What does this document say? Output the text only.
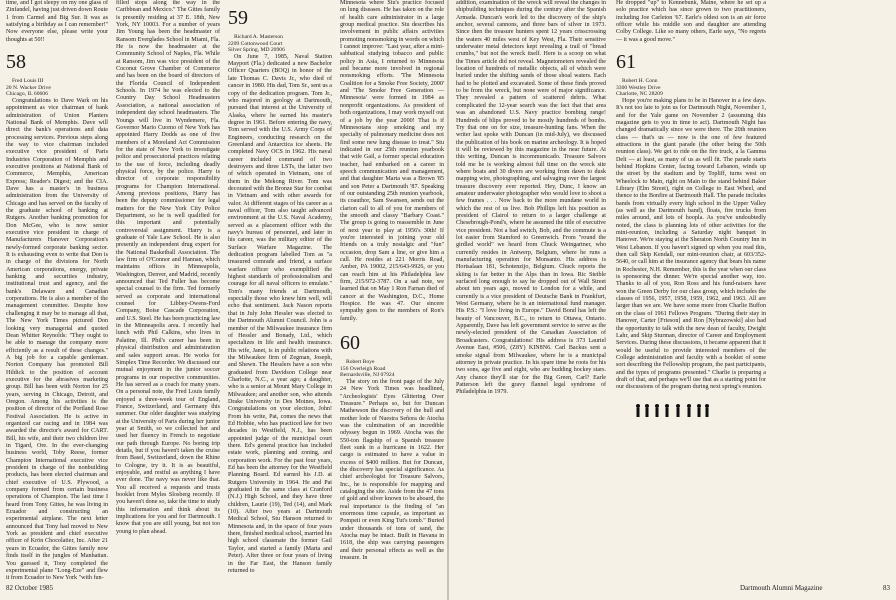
time, and I got sleepy on my one glass of Zinfandel, having just driven down Route 1 from Carmel and Big Sur. It was as satisfying a birthday as I can remember!" Now everyone else, please write your thoughts at 50!!

58

Fred Louis III
20 N. Wacker Drive
Chicago, IL 60606

Congratulations to Dave Wark on his appointment as vice chairman of bank administration of Union Planters National Bank of Memphis. Dave will direct the bank's operations and data processing services. Previous steps along the way to vice chairman included executive vice president of Paris Industries Corporation of Memphis and executive positions at National Bank of Commerce, Memphis, American Express; Reader's Digest; and the CIA. Dave has a master's in business administration from the University of Chicago and has served on the faculty of the graduate school of banking at Rutgers. Another banking promotion for Don McGee, who is now senior executive vice president in charge of Manufacturers Hanover Corporation's newly-formed corporate banking sector. It is exhausting even to write that Don is in charge of the divisions for North American corporations, energy, private banking and securities industry, institutional trust and agency, and the bank's Delaware and Canadian corporations. He is also a member of the management committee. Despite how challenging it may be to manage all that, The New York Times pictured Don looking very managerial and quoted Dean Whitter Reynolds: "They ought to be able to manage the company more efficiently as a result of these changes." A big job for a capable gentleman. Norton Company has promoted Bill Hildick to the position of account executive for the abrasives marketing group. Bill has been with Norton for 25 years, serving in Chicago, Detroit, and Oregon. Among his activities is the position of director of the Portland Rose Festival Association. He is active in organized car racing and in 1984 was awarded the director's award for CART. Bill, his wife, and their two children live in Tigard, Ore. In the ever-changing business world, Toby Reese, former Champion International executive vice president in charge of the nonbuilding products, has been elected chairman and chief executive of U.S. Plywood, a company formed from certain business operations of Champion. The last time I heard from Tony Gittes, he was living in Ecuador and constructing an experimental airplane. The next letter announced that Tony had moved to New York as president and chief executive officer of Krön Chocolatier, Inc. After 21 years in Ecuador, the Gittes family now finds itself in the jungles of Manhattan. You guessed it, Tony completed the experimental plane "Long-Eze" and flew it from Ecuador to New York "with fun-

filled stops along the way in the Caribbean and Mexico." The Gittes family is presently residing at 37 E. 18th, New York, NY 10003. For a number of years Jim Young has been the headmaster of Ransom Everglades School in Miami, Fla. He is now the headmaster at the Community School of Naples, Fla. While at Ransom, Jim was vice president of the Coconut Grove Chamber of Commerce and has been on the board of directors of the Florida Council of Independent Schools. In 1974 he was elected to the Country Day School Headmasters Association, a national association of independent day school headmasters. The Youngs will live in Wyndemere, Fla. Governor Mario Cuomo of New York has appointed Harry Dodds as one of five members of a Moreland Act Commission for the state of New York to investigate police and prosecutorial practices relating to the use of force, including deadly physical force, by the police. Harry is director of corporate responsibility programs for Champion International. Among previous positions, Harry has been the deputy commissioner for legal matters for the New York City Police Department, so he is well qualified for this important and potentially controversial assignment. Harry is a graduate of Yale Law School. He is also presently an independent drug expert for the National Basketball Association. The law firm of O'Connor and Hannan, which maintains offices in Minneapolis, Washington, Denver, and Madrid, recently announced that Ted Fuller has become special counsel to the firm. Ted formerly served as corporate and international counsel for Libbey-Owens-Ford Company, Boise Cascade Corporation, and U.S. Steel. He has been practicing law in the Minneapolis area. I recently had lunch with Phil Calkins, who lives in Palatine, Ill. Phil's career has been in physical distribution and administration and sales support areas. He works for Simplex Time Recorder. We discussed our mutual enjoyment in the junior soccer programs in our respective communities. He has served as a coach for many years. On a personal note, the Fred Louis family enjoyed a three-week tour of England, France, Switzerland, and Germany this summer. Our older daughter was studying at the University of Paris during her junior year at Smith, so we collected her and used her fluency in French to negotiate our path through Europe. No boring trip details, but if you haven't taken the cruise from Basel, Switzerland, down the Rhine to Cologne, try it. It is as beautiful, enjoyable, and restful as anything I have ever done. The navy was never like that. You all received a requests and trusts booklet from Myles Slosberg recently. If you haven't done so, take the time to study this information and think about its implications for you and for Dartmouth. I know that you are still young, but not too young to plan ahead.

59

Richard A. Masterson
2209 Cottonwood Court
Silver Spring, MD 20906

On June 7, 1985, Naval Station Mayport (Fla.) dedicated a new Bachelor Officer Quarters (BOQ) in honor of the late Thomas C. Davis Jr., who died of cancer in 1980. His dad, Tom Sr., sent us a copy of the dedication program. Tom Jr., who majored in geology at Dartmouth, pursued that interest at the University of Alaska, where he earned his master's degree in 1961. Before entering the navy, Tom served with the U.S. Army Corps of Engineers, conducting research on the Greenland and Antarctica ice sheets. He completed Navy OCS in 1962. His naval career included command of two destroyers and three LSTs, the latter two of which operated in Vietnam, one of them in the Mekong River. Tom was decorated with the Bronze Star for combat in Vietnam and with other awards for valor. At different stages of his career as a naval officer, Tom also taught advanced environment at the U.S. Naval Academy, served as a placement officer with the navy's bureau of personnel, and later in his career, was the military editor of the Surface Warfare Magazine. The dedication program labelled Tom as "a treasured comrade and friend, a surface warfare officer who exemplified the highest standards of professionalism and courage for all naval officers to emulate." Tom's many friends at Dartmouth, especially those who knew him well, will echo that sentiment. Jack Nason reports that in July John Hessler was elected to the Dartmouth Alumni Council. John is a member of the Milwaukee insurance firm of Hessler and Bonady, Ltd., which specializes in life and health insurance. His wife, Janet, is in public relations with the Milwaukee firm of Zegman, Joseph, and Shewn. The Hesslers have a son who graduated from Davidson College near Charlotte, N.C., a year ago; a daughter, who is a senior at Mount Mary College in Milwaukee; and another son, who attends Drake University in Des Moines, Iowa. Congratulations on your election, John! From his write, Pat, comes the news that Ed Hobbie, who has practiced law for two decades in Westfield, N.J., has been appointed judge of the municipal court there. Ed's general practice has included estate work, planning and zoning, and corporation work. For the past four years, Ed has been the attorney for the Westfield Planning Board. Ed earned his J.D. at Rutgers University in 1964. He and Pat graduated in the same class at Cranford (N.J.) High School, and they have three children, Laurie (19), Ted (14), and Mark (10). After two years at Dartmouth Medical School, Stu Hanson returned to Minnesota and, in the space of four years there, finished medical school, married his high school classmate the former Gail Taylor, and started a family (Marta and Peter). After three or four years of living in the Far East, the Hanson family returned to

Minnesota where Stu's practice focused on lung diseases. He has taken on the role of health care administrator in a large group medical practice. Stu describes his involvement in public affairs activities promoting nonsmoking in words on which I cannot improve: "Last year, after a mini-sabbatical studying tobacco and public policy in Asia, I returned to Minnesota and became more involved in regional nonsmoking efforts. 'The Minnesota Coalition for a Smoke Free Society, 2000' and 'The Smoke Free Generation — Minnesota' were formed in 1984 as nonprofit organizations. As president of both organizations, I may work myself out of a job by the year 2000! That is if Minnesotans stop smoking and my specialty of pulmonary medicine does not find some new lung disease to treat." Stu indicated in our 25th reunion yearbook that wife Gail, a former special education teacher, had embarked on a career in speech communication and management, and that daughter Marta was a Brown '85 and son Peter a Dartmouth '87. Speaking of our outstanding 25th reunion yearbook, its coauthor, Sam Swansen, sends out the clarion call to all of you for members of the smooth and classy "Barbary Coast." The group is going to reassemble in June of next year to play at 1956's 30th! If you're interested in joining your old friends on a truly nostalgic and "fun" occasion, drop Sam a line, or give him a call. He resides at 221 Morris Road, Amber, PA 19002, 215/643-9926, or you can reach him at his Philadelphia law firm, 215/972-3787. On a sad note, we learned that on May 1 Ron Farnan died of cancer at the Washington, D.C., Home Hospice. He was 47. Our sincere sympathy goes to the members of Ron's family.

60

Robert Boye
156 Overleigh Road
Bernardsville, NJ 07924

The story on the front page of the July 24 New York Times was headlined, "Archeologists' Eyes Glittering Over Treasure." Perhaps so, but for Duncan Mathewson the discovery of the hull and mother lode of Nuestra Señora de Atocha was the culmination of an incredible odyssey begun in 1969. Atocha was the 550-ton flagship of a Spanish treasure fleet sunk in a hurricane in 1622. Her cargo is estimated to have a value in excess of $400 million. But for Duncan, the discovery has special significance. As chief archeologist for Treasure Salvors, Inc., he is responsible for mapping and cataloging the site. Aside from the 47 tons of gold and silver known to be aboard, the real importance is the finding of "an enormous time capsule, as important as Pompeii or even King Tut's tomb." Buried under thousands of tons of sand, the Atocha may be intact. Built in Havana in 1618, the ship was carrying passengers and their personal effects as well as the treasure. In

82 October 1985

addition, examination of the wreck will reveal the changes in shipbuilding techniques during the century after the Spanish Armada. Duncan's work led to the discovery of the ship's anchor, several cannons, and three bars of silver in 1973. Since then the treasure hunters spent 12 years crisscrossing the waters 40 miles west of Key West, Fla. Their sensitive underwater metal detectors kept revealing a trail of "bread crumbs," but not the wreck itself. Here is a scoop on what the Times article did not reveal. Magnetometers revealed the location of hundreds of metallic objects, all of which were buried under the shifting sands of those shoal waters. Each had to be plotted and excavated. Some of these finds proved to be from the wreck, but none were of major significance. They revealed a pattern of scattered debris. What complicated the 12-year search was the fact that that area was an abandoned U.S. Navy practice bombing range! Hundreds of blips proved to be mostly hundreds of bombs. Try that one on for size, treasure-hunting fans. When the writer last spoke with Duncan (in mid-July), we discussed the publication of his book on marine archeology. It is hoped it will be reviewed by this magazine in the near future. At this writing, Duncan is incommunicado. Treasure Salvors told me he is working almost full time on the wreck site where boats and 30 divers are working from dawn to dusk mapping wire, photographing, and salvaging over the largest treasure discovery ever reported. Hey, Dunc, I know an amateur underwater photographer who would love to shoot a few frames . . . Now back to the more mundane world in which the rest of us live. Bob Phillips left his position as president of Clairol to return to a larger challenge at Chesebrough-Pond's, where he assumed the title of executive vice president. Not a bad switch, Bob, and the commute is a lot easier from Stamford to Greenwich. From "round the girdled world" we heard from Chuck Weingartner, who currently resides in Antwerp, Belgium, where he runs a manufacturing operation for Monsanto. His address is Hortsalaan 181, Schotenzijo, Belgium. Chuck reports the skiing is far better in the Alps than in Iowa. Ric Steible surfaced long enough to say he dropped out of Wall Street about ten years ago, moved to London for a while, and currently is a vice president of Deutsche Bank in Frankfurt, West Germany, where he is an international fund manager. His P.S.: "I love living in Europe." David Bond has left the beauty of Vancouver, B.C., to return to Ottawa, Ontario. Apparently, Dave has left government service to serve as the newly-elected president of the Canadian Association of Broadcasters. Congratulations! His address is 373 Lauriel Avenue East, #506, (Z8Y) KIN8N6. Carl Backus sent a smoke signal from Milwaukee, where he is a municipal attorney in private practice. In his spare time he roots for his two sons, age five and eight, who are budding hockey stars. Any chance they'll star for the Big Green, Carl? Earle Patterson left the gravy flannel legal syndrome of Philadelphia in 1979.

He dropped "up" to Kennebunk, Maine, where he set up a solo practice which has since grown to two practitioners, including Joe Carleton '67. Earle's oldest son is an air force officer while his middle son and daughter are attending Colby College. Like so many others, Earle says, "No regrets — it was a good move."

61

Robert H. Conn
3300 Westley Drive
Charlotte, NC 28209

Hope you're making plans to be in Hanover in a few days. It's not too late to join us for Dartmouth Night, November 1, and for the Yale game on November 2 (assuming this magazine gets to you in time to act). Dartmouth Night has changed dramatically since we were there. The 20th reunion class — that's us — now is the one of few featured attractions in the giant parade (the other being the 50th reunion class). We get to ride on the fire truck, a la Gamma Delt — at least, as many of us as will fit. The parade starts behind Hopkins Center, facing toward Lebanon, winds up the street by the stadium and by Topliff, turns west on Wheelock to Main, right on Main to the stand behind Baker Library (Elm Street), right on College to East Wheel, and thence to the Bonfire at Dartmouth Hall. The parade includes bands from virtually every high school in the Upper Valley (as well as the Dartmouth band), floats, fire trucks from miles around, and lots of hoopla. As you've undoubtedly noted, the class is planning lots of other activities for the mini-reunion, including a Saturday night banquet in Hanover. We're staying at the Sheraton North Country Inn in West Lebanon. If you haven't signed up when you read this, then call Skip Kendall, our mini-reunion chair, at 603/352-5640, or call him at the insurance agency that bears his name in Rochester, N.H. Remember, this is the year when our class is sponsoring the dinner. We're special another way, too. Thanks to all of you, Ron Ross and his fund-raisers have won the Green Derby for our class group, which includes the classes of 1956, 1957, 1958, 1959, 1962, and 1963. All are larger than we are. We have some more from Charlie Buffon on the class of 1961 Fellows Program. "During their stay in Hanover, Carter [Frieson] and Ron [Nybrazowski] also had the opportunity to talk with the new dean of faculty, Dwight Lahr, and Skip Sturman, director of Career and Employment Services. During these discussions, it became apparent that it would be useful to provide interested members of the College administration and faculty with a booklet of some sort describing the Fellowship program, the past participants, and the types of programs presented." Charlie is preparing a draft of that, and perhaps we'll use that as a starting point for our discussions of the program during next spring's reunion.

Dartmouth Alumni Magazine	83
